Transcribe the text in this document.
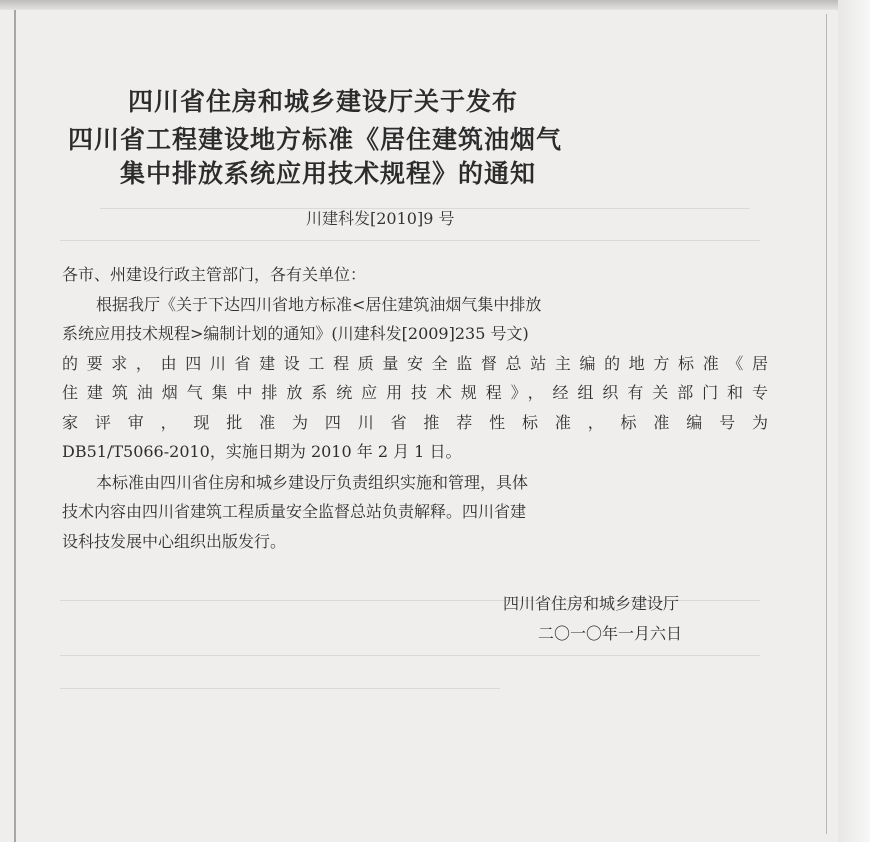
四川省住房和城乡建设厅关于发布
四川省工程建设地方标准《居住建筑油烟气
集中排放系统应用技术规程》的通知
川建科发[2010]9 号
各市、州建设行政主管部门，各有关单位：
根据我厅《关于下达四川省地方标准<居住建筑油烟气集中排放
系统应用技术规程>编制计划的通知》(川建科发[2009]235 号文)
的要求，由四川省建设工程质量安全监督总站主编的地方标准《居
住建筑油烟气集中排放系统应用技术规程》，经组织有关部门和专
家评审，现批准为四川省推荐性标准，标准编号为
DB51/T5066-2010，实施日期为 2010 年 2 月 1 日。
本标准由四川省住房和城乡建设厅负责组织实施和管理，具体
技术内容由四川省建筑工程质量安全监督总站负责解释。四川省建
设科技发展中心组织出版发行。
四川省住房和城乡建设厅
二〇一〇年一月六日
